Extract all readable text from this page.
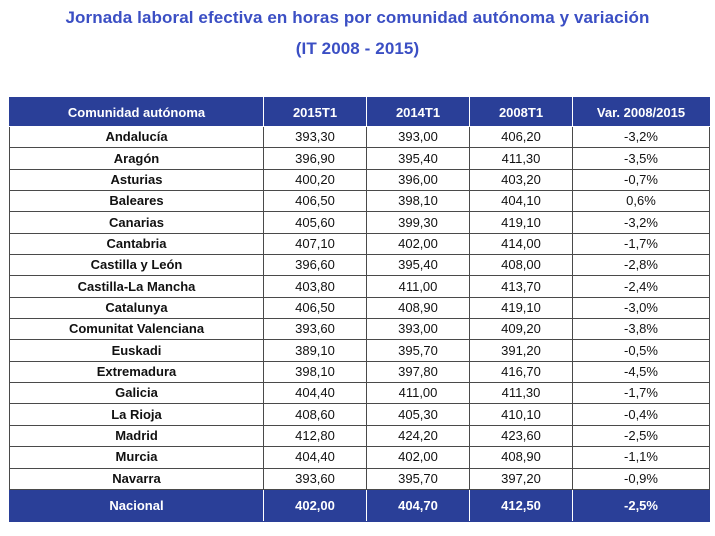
Jornada laboral efectiva en horas por comunidad autónoma y variación
(IT 2008 - 2015)
Comunidad autónoma	2015T1	2014T1	2008T1	Var. 2008/2015
Andalucía	393,30	393,00	406,20	-3,2%
Aragón	396,90	395,40	411,30	-3,5%
Asturias	400,20	396,00	403,20	-0,7%
Baleares	406,50	398,10	404,10	0,6%
Canarias	405,60	399,30	419,10	-3,2%
Cantabria	407,10	402,00	414,00	-1,7%
Castilla y León	396,60	395,40	408,00	-2,8%
Castilla-La Mancha	403,80	411,00	413,70	-2,4%
Catalunya	406,50	408,90	419,10	-3,0%
Comunitat Valenciana	393,60	393,00	409,20	-3,8%
Euskadi	389,10	395,70	391,20	-0,5%
Extremadura	398,10	397,80	416,70	-4,5%
Galicia	404,40	411,00	411,30	-1,7%
La Rioja	408,60	405,30	410,10	-0,4%
Madrid	412,80	424,20	423,60	-2,5%
Murcia	404,40	402,00	408,90	-1,1%
Navarra	393,60	395,70	397,20	-0,9%
Nacional	402,00	404,70	412,50	-2,5%
